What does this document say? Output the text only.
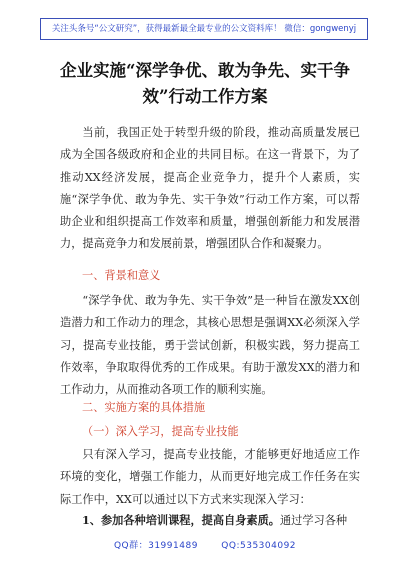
关注头条号“公文研究”，获得最新最全最专业的公文资料库！ 微信：gongwenyj
企业实施“深学争优、敢为争先、实干争效”行动工作方案
当前，我国正处于转型升级的阶段，推动高质量发展已成为全国各级政府和企业的共同目标。在这一背景下，为了推动XX经济发展，提高企业竞争力，提升个人素质，实施“深学争优、敢为争先、实干争效”行动工作方案，可以帮助企业和组织提高工作效率和质量，增强创新能力和发展潜力，提高竞争力和发展前景，增强团队合作和凝聚力。
一、背景和意义
“深学争优、敢为争先、实干争效”是一种旨在激发XX创造潜力和工作动力的理念，其核心思想是强调XX必须深入学习，提高专业技能，勇于尝试创新，积极实践，努力提高工作效率，争取取得优秀的工作成果。有助于激发XX的潜力和工作动力，从而推动各项工作的顺利实施。
二、实施方案的具体措施
（一）深入学习，提高专业技能
只有深入学习，提高专业技能，才能够更好地适应工作环境的变化，增强工作能力，从而更好地完成工作任务在实际工作中，XX可以通过以下方式来实现深入学习：
1、参加各种培训课程，提高自身素质。通过学习各种
QQ群：31991489	QQ:535304092
